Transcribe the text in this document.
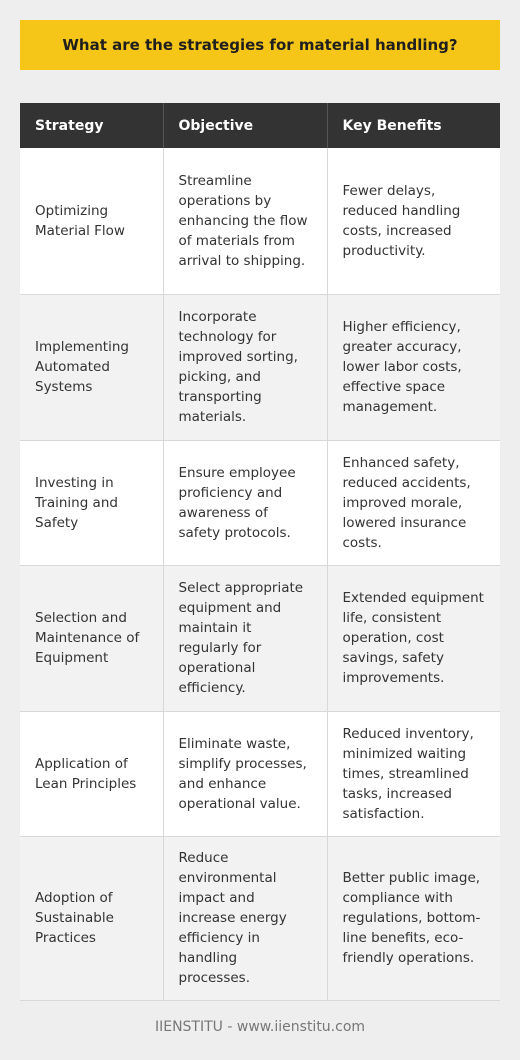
What are the strategies for material handling?
Strategy	Objective	Key Benefits
Optimizing Material Flow	Streamline operations by enhancing the flow of materials from arrival to shipping.	Fewer delays, reduced handling costs, increased productivity.
Implementing Automated Systems	Incorporate technology for improved sorting, picking, and transporting materials.	Higher efficiency, greater accuracy, lower labor costs, effective space management.
Investing in Training and Safety	Ensure employee proficiency and awareness of safety protocols.	Enhanced safety, reduced accidents, improved morale, lowered insurance costs.
Selection and Maintenance of Equipment	Select appropriate equipment and maintain it regularly for operational efficiency.	Extended equipment life, consistent operation, cost savings, safety improvements.
Application of Lean Principles	Eliminate waste, simplify processes, and enhance operational value.	Reduced inventory, minimized waiting times, streamlined tasks, increased satisfaction.
Adoption of Sustainable Practices	Reduce environmental impact and increase energy efficiency in handling processes.	Better public image, compliance with regulations, bottom-line benefits, eco-friendly operations.
IIENSTITU - www.iienstitu.com
